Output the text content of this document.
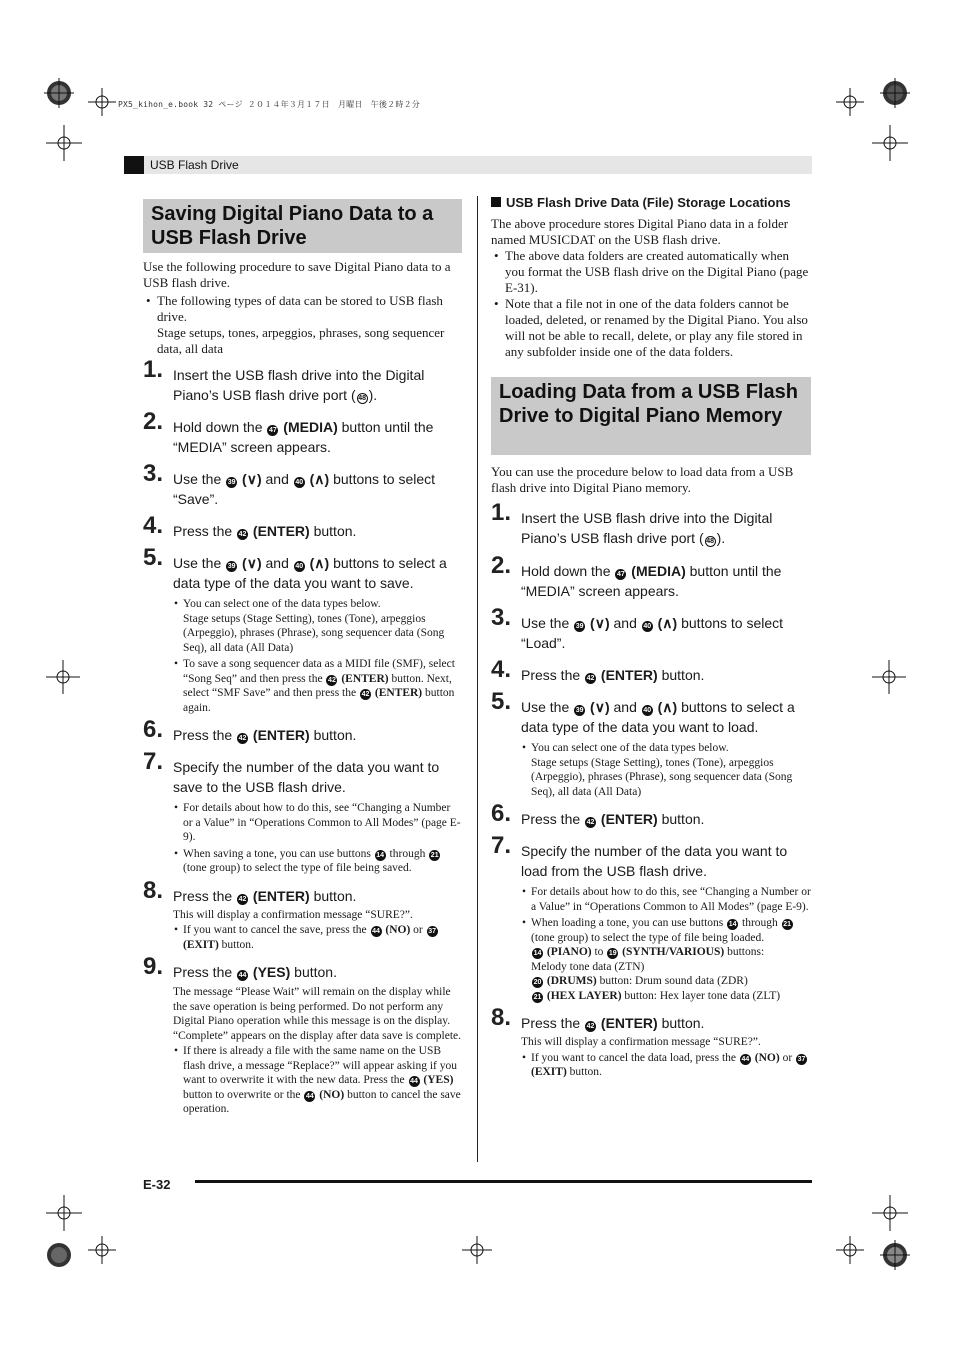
PX5_kihon_e.book 32 ページ ２０１４年３月１７日　月曜日　午後２時２分
USB Flash Drive
Saving Digital Piano Data to a USB Flash Drive
Use the following procedure to save Digital Piano data to a USB flash drive.
• The following types of data can be stored to USB flash drive.
Stage setups, tones, arpeggios, phrases, song sequencer data, all data
1. Insert the USB flash drive into the Digital Piano’s USB flash drive port ( 48 ).
2. Hold down the 47 (MEDIA) button until the “MEDIA” screen appears.
3. Use the 39 (∨) and 40 (∧) buttons to select “Save”.
4. Press the 42 (ENTER) button.
5. Use the 39 (∨) and 40 (∧) buttons to select a data type of the data you want to save.
• You can select one of the data types below.
Stage setups (Stage Setting), tones (Tone), arpeggios (Arpeggio), phrases (Phrase), song sequencer data (Song Seq), all data (All Data)
• To save a song sequencer data as a MIDI file (SMF), select “Song Seq” and then press the 42 (ENTER) button. Next, select “SMF Save” and then press the 42 (ENTER) button again.
6. Press the 42 (ENTER) button.
7. Specify the number of the data you want to save to the USB flash drive.
• For details about how to do this, see “Changing a Number or a Value” in “Operations Common to All Modes” (page E-9).
• When saving a tone, you can use buttons 14 through 21 (tone group) to select the type of file being saved.
8. Press the 42 (ENTER) button.
This will display a confirmation message “SURE?”.
• If you want to cancel the save, press the 44 (NO) or 37 (EXIT) button.
9. Press the 44 (YES) button.
The message “Please Wait” will remain on the display while the save operation is being performed. Do not perform any Digital Piano operation while this message is on the display. “Complete” appears on the display after data save is complete.
• If there is already a file with the same name on the USB flash drive, a message “Replace?” will appear asking if you want to overwrite it with the new data. Press the 44 (YES) button to overwrite or the 44 (NO) button to cancel the save operation.
USB Flash Drive Data (File) Storage Locations
The above procedure stores Digital Piano data in a folder named MUSICDAT on the USB flash drive.
• The above data folders are created automatically when you format the USB flash drive on the Digital Piano (page E-31).
• Note that a file not in one of the data folders cannot be loaded, deleted, or renamed by the Digital Piano. You also will not be able to recall, delete, or play any file stored in any subfolder inside one of the data folders.
Loading Data from a USB Flash Drive to Digital Piano Memory
You can use the procedure below to load data from a USB flash drive into Digital Piano memory.
1. Insert the USB flash drive into the Digital Piano’s USB flash drive port ( 48 ).
2. Hold down the 47 (MEDIA) button until the “MEDIA” screen appears.
3. Use the 39 (∨) and 40 (∧) buttons to select “Load”.
4. Press the 42 (ENTER) button.
5. Use the 39 (∨) and 40 (∧) buttons to select a data type of the data you want to load.
• You can select one of the data types below.
Stage setups (Stage Setting), tones (Tone), arpeggios (Arpeggio), phrases (Phrase), song sequencer data (Song Seq), all data (All Data)
6. Press the 42 (ENTER) button.
7. Specify the number of the data you want to load from the USB flash drive.
• For details about how to do this, see “Changing a Number or a Value” in “Operations Common to All Modes” (page E-9).
• When loading a tone, you can use buttons 14 through 21 (tone group) to select the type of file being loaded.
14 (PIANO) to 19 (SYNTH/VARIOUS) buttons:
Melody tone data (ZTN)
20 (DRUMS) button: Drum sound data (ZDR)
21 (HEX LAYER) button: Hex layer tone data (ZLT)
8. Press the 42 (ENTER) button.
This will display a confirmation message “SURE?”.
• If you want to cancel the data load, press the 44 (NO) or 37 (EXIT) button.
E-32
